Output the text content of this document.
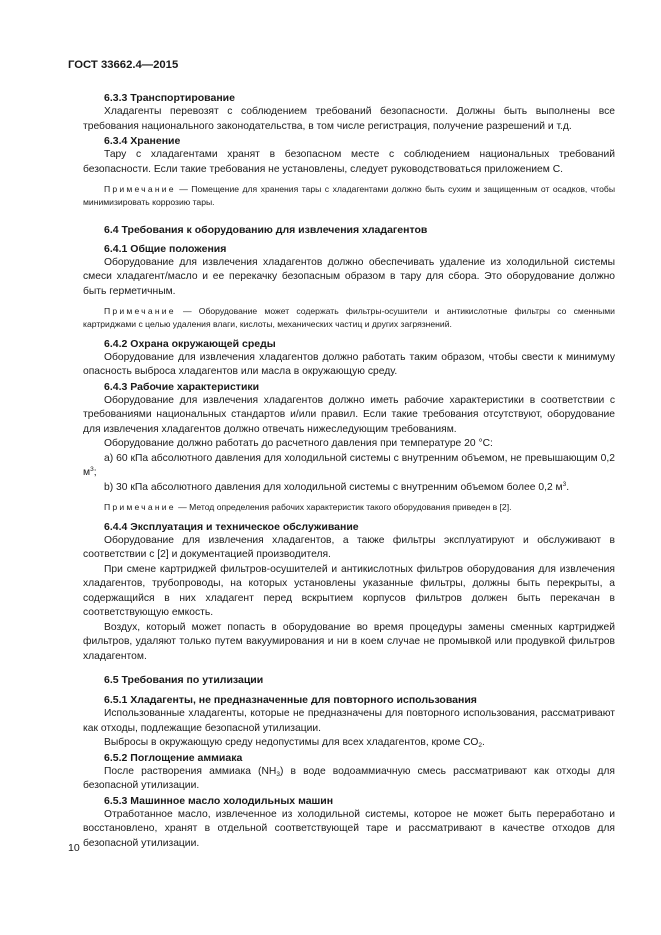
ГОСТ 33662.4—2015
6.3.3 Транспортирование

Хладагенты перевозят с соблюдением требований безопасности. Должны быть выполнены все требования национального законодательства, в том числе регистрация, получение разрешений и т.д.

6.3.4 Хранение

Тару с хладагентами хранят в безопасном месте с соблюдением национальных требований безопасности. Если такие требования не установлены, следует руководствоваться приложением С.

Примечание — Помещение для хранения тары с хладагентами должно быть сухим и защищенным от осадков, чтобы минимизировать коррозию тары.

6.4 Требования к оборудованию для извлечения хладагентов
6.4.1 Общие положения

Оборудование для извлечения хладагентов должно обеспечивать удаление из холодильной системы смеси хладагент/масло и ее перекачку безопасным образом в тару для сбора. Это оборудование должно быть герметичным.

Примечание — Оборудование может содержать фильтры-осушители и антикислотные фильтры со сменными картриджами с целью удаления влаги, кислоты, механических частиц и других загрязнений.

6.4.2 Охрана окружающей среды

Оборудование для извлечения хладагентов должно работать таким образом, чтобы свести к минимуму опасность выброса хладагентов или масла в окружающую среду.

6.4.3 Рабочие характеристики

Оборудование для извлечения хладагентов должно иметь рабочие характеристики в соответствии с требованиями национальных стандартов и/или правил. Если такие требования отсутствуют, оборудование для извлечения хладагентов должно отвечать нижеследующим требованиям.

Оборудование должно работать до расчетного давления при температуре 20 °С:

a) 60 кПа абсолютного давления для холодильной системы с внутренним объемом, не превышающим 0,2 $м^3$;

b) 30 кПа абсолютного давления для холодильной системы с внутренним объемом более 0,2 $м^3$.

Примечание — Метод определения рабочих характеристик такого оборудования приведен в [2].

6.4.4 Эксплуатация и техническое обслуживание

Оборудование для извлечения хладагентов, а также фильтры эксплуатируют и обслуживают в соответствии с [2] и документацией производителя.

При смене картриджей фильтров-осушителей и антикислотных фильтров оборудования для извлечения хладагентов, трубопроводы, на которых установлены указанные фильтры, должны быть перекрыты, а содержащийся в них хладагент перед вскрытием корпусов фильтров должен быть перекачан в соответствующую емкость.

Воздух, который может попасть в оборудование во время процедуры замены сменных картриджей фильтров, удаляют только путем вакуумирования и ни в коем случае не промывкой или продувкой фильтров хладагентом.

6.5 Требования по утилизации
6.5.1 Хладагенты, не предназначенные для повторного использования

Использованные хладагенты, которые не предназначены для повторного использования, рассматривают как отходы, подлежащие безопасной утилизации.

Выбросы в окружающую среду недопустимы для всех хладагентов, кроме $СО_2$.

6.5.2 Поглощение аммиака

После растворения аммиака $(NH_3)$ в воде водоаммиачную смесь рассматривают как отходы для безопасной утилизации.

6.5.3 Машинное масло холодильных машин

Отработанное масло, извлеченное из холодильной системы, которое не может быть переработано и восстановлено, хранят в отдельной соответствующей таре и рассматривают в качестве отходов для безопасной утилизации.

10
